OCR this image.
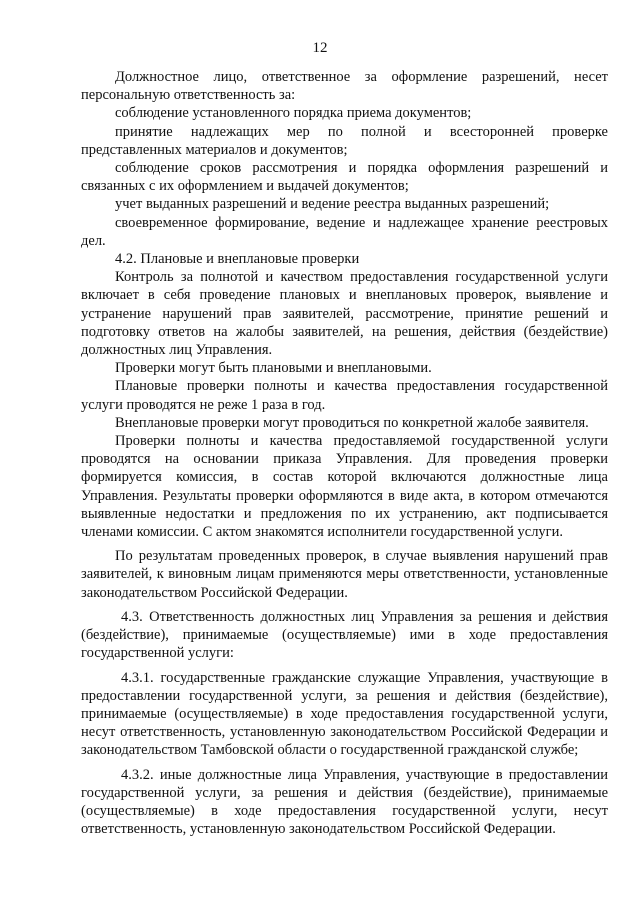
12

Должностное лицо, ответственное за оформление разрешений, несет персональную ответственность за:

соблюдение установленного порядка приема документов;

принятие надлежащих мер по полной и всесторонней проверке представленных материалов и документов;

соблюдение сроков рассмотрения и порядка оформления разрешений и связанных с их оформлением и выдачей документов;

учет выданных разрешений и ведение реестра выданных разрешений;

своевременное формирование, ведение и надлежащее хранение реестровых дел.

4.2. Плановые и внеплановые проверки

Контроль за полнотой и качеством предоставления государственной услуги включает в себя проведение плановых и внеплановых проверок, выявление и устранение нарушений прав заявителей, рассмотрение, принятие решений и подготовку ответов на жалобы заявителей, на решения, действия (бездействие) должностных лиц Управления.

Проверки могут быть плановыми и внеплановыми.

Плановые проверки полноты и качества предоставления государственной услуги проводятся не реже 1 раза в год.

Внеплановые проверки могут проводиться по конкретной жалобе заявителя.

Проверки полноты и качества предоставляемой государственной услуги проводятся на основании приказа Управления. Для проведения проверки формируется комиссия, в состав которой включаются должностные лица Управления. Результаты проверки оформляются в виде акта, в котором отмечаются выявленные недостатки и предложения по их устранению, акт подписывается членами комиссии. С актом знакомятся исполнители государственной услуги.

По результатам проведенных проверок, в случае выявления нарушений прав заявителей, к виновным лицам применяются меры ответственности, установленные законодательством Российской Федерации.

4.3. Ответственность должностных лиц Управления за решения и действия (бездействие), принимаемые (осуществляемые) ими в ходе предоставления государственной услуги:

4.3.1. государственные гражданские служащие Управления, участвующие в предоставлении государственной услуги, за решения и действия (бездействие), принимаемые (осуществляемые) в ходе предоставления государственной услуги, несут ответственность, установленную законодательством Российской Федерации и законодательством Тамбовской области о государственной гражданской службе;

4.3.2. иные должностные лица Управления, участвующие в предоставлении государственной услуги, за решения и действия (бездействие), принимаемые (осуществляемые) в ходе предоставления государственной услуги, несут ответственность, установленную законодательством Российской Федерации.
